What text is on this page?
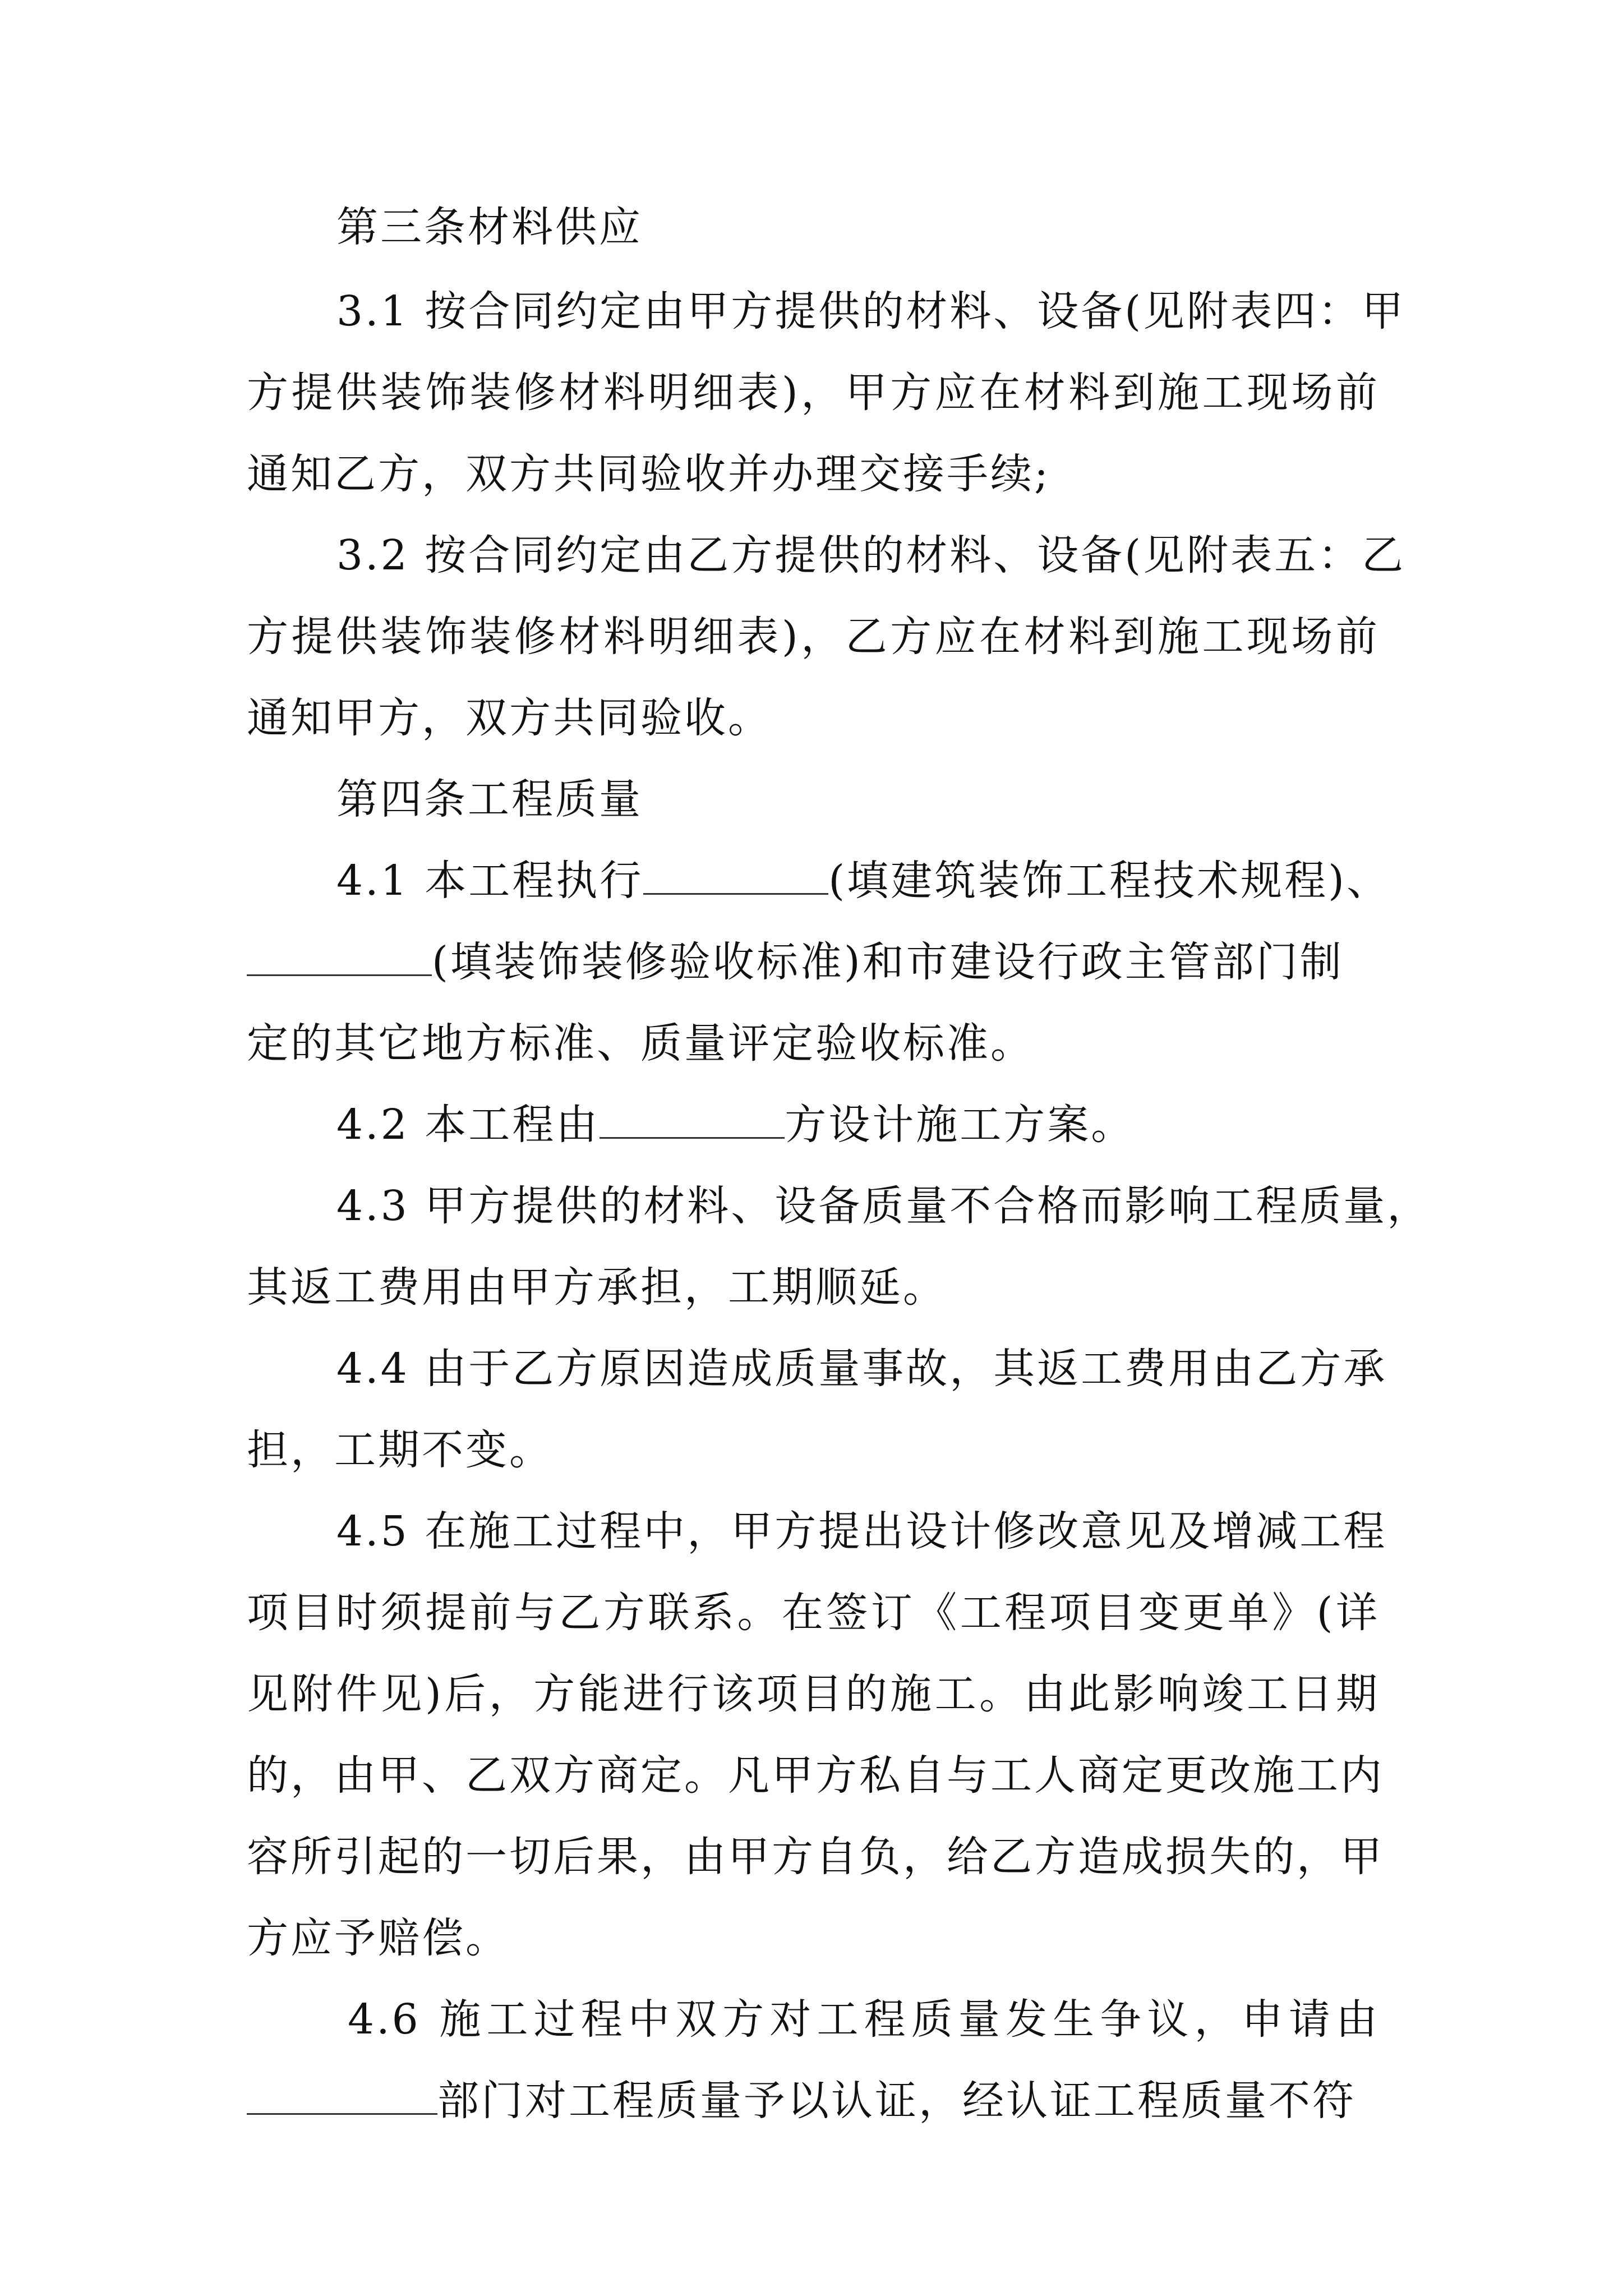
第三条材料供应
3.1 按合同约定由甲方提供的材料、设备(见附表四：甲
方提供装饰装修材料明细表)，甲方应在材料到施工现场前
通知乙方，双方共同验收并办理交接手续;
3.2 按合同约定由乙方提供的材料、设备(见附表五：乙
方提供装饰装修材料明细表)，乙方应在材料到施工现场前
通知甲方，双方共同验收。
第四条工程质量
4.1 本工程执行	(填建筑装饰工程技术规程)、
(填装饰装修验收标准)和市建设行政主管部门制
定的其它地方标准、质量评定验收标准。
4.2 本工程由	方设计施工方案。
4.3 甲方提供的材料、设备质量不合格而影响工程质量，
其返工费用由甲方承担，工期顺延。
4.4 由于乙方原因造成质量事故，其返工费用由乙方承
担，工期不变。
4.5 在施工过程中，甲方提出设计修改意见及增减工程
项目时须提前与乙方联系。在签订《工程项目变更单》(详
见附件见)后，方能进行该项目的施工。由此影响竣工日期
的，由甲、乙双方商定。凡甲方私自与工人商定更改施工内
容所引起的一切后果，由甲方自负，给乙方造成损失的，甲
方应予赔偿。
4.6 施工过程中双方对工程质量发生争议，申请由
部门对工程质量予以认证，经认证工程质量不符
